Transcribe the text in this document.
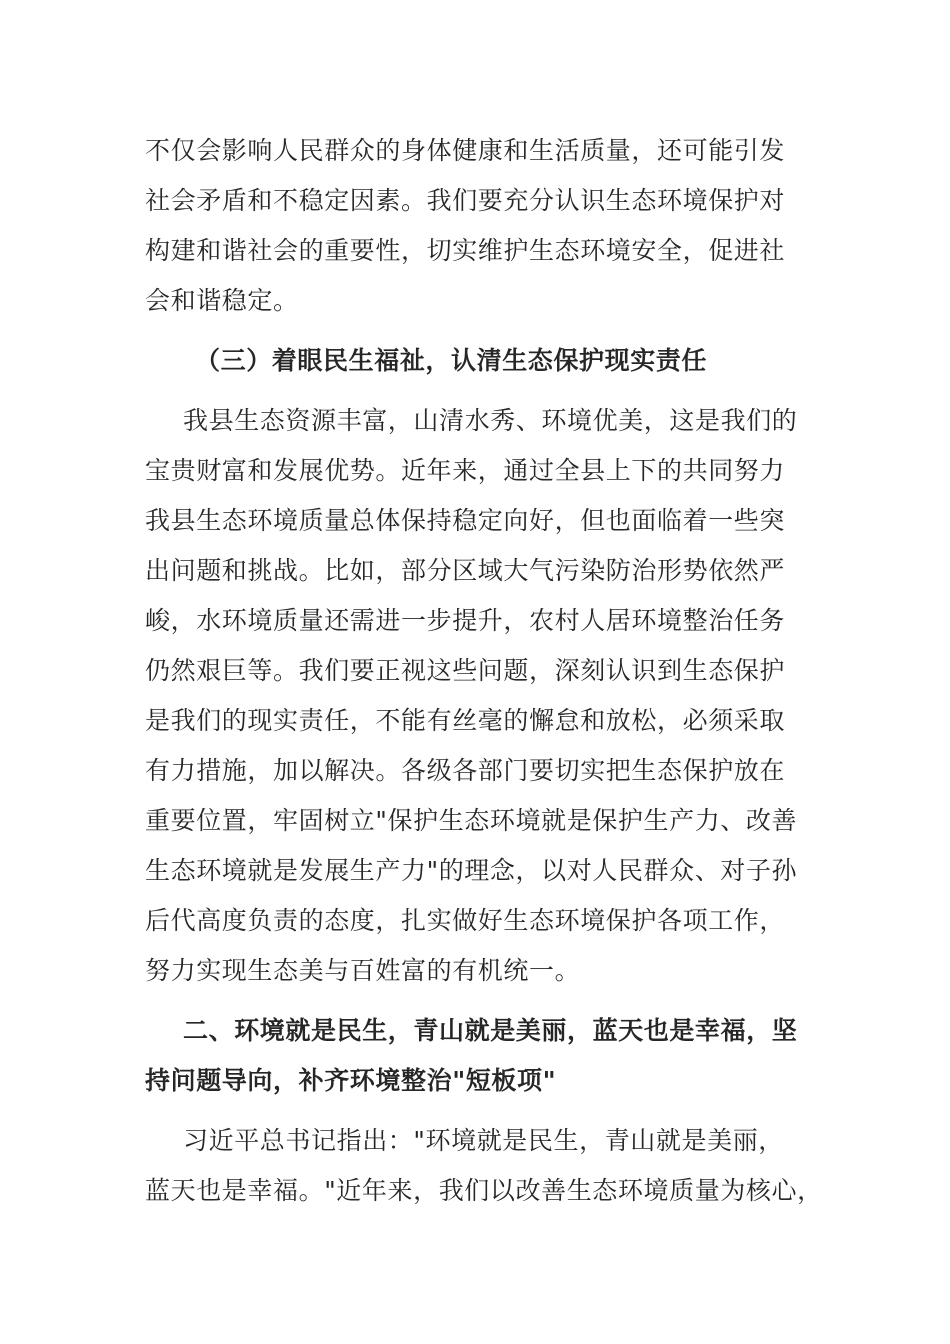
不仅会影响人民群众的身体健康和生活质量，还可能引发
社会矛盾和不稳定因素。我们要充分认识生态环境保护对
构建和谐社会的重要性，切实维护生态环境安全，促进社
会和谐稳定。
（三）着眼民生福祉，认清生态保护现实责任
我县生态资源丰富，山清水秀、环境优美，这是我们的
宝贵财富和发展优势。近年来，通过全县上下的共同努力
我县生态环境质量总体保持稳定向好，但也面临着一些突
出问题和挑战。比如，部分区域大气污染防治形势依然严
峻，水环境质量还需进一步提升，农村人居环境整治任务
仍然艰巨等。我们要正视这些问题，深刻认识到生态保护
是我们的现实责任，不能有丝毫的懈怠和放松，必须采取
有力措施，加以解决。各级各部门要切实把生态保护放在
重要位置，牢固树立"保护生态环境就是保护生产力、改善
生态环境就是发展生产力"的理念，以对人民群众、对子孙
后代高度负责的态度，扎实做好生态环境保护各项工作，
努力实现生态美与百姓富的有机统一。
二、环境就是民生，青山就是美丽，蓝天也是幸福，坚
持问题导向，补齐环境整治"短板项"
习近平总书记指出："环境就是民生，青山就是美丽，
蓝天也是幸福。"近年来，我们以改善生态环境质量为核心，
